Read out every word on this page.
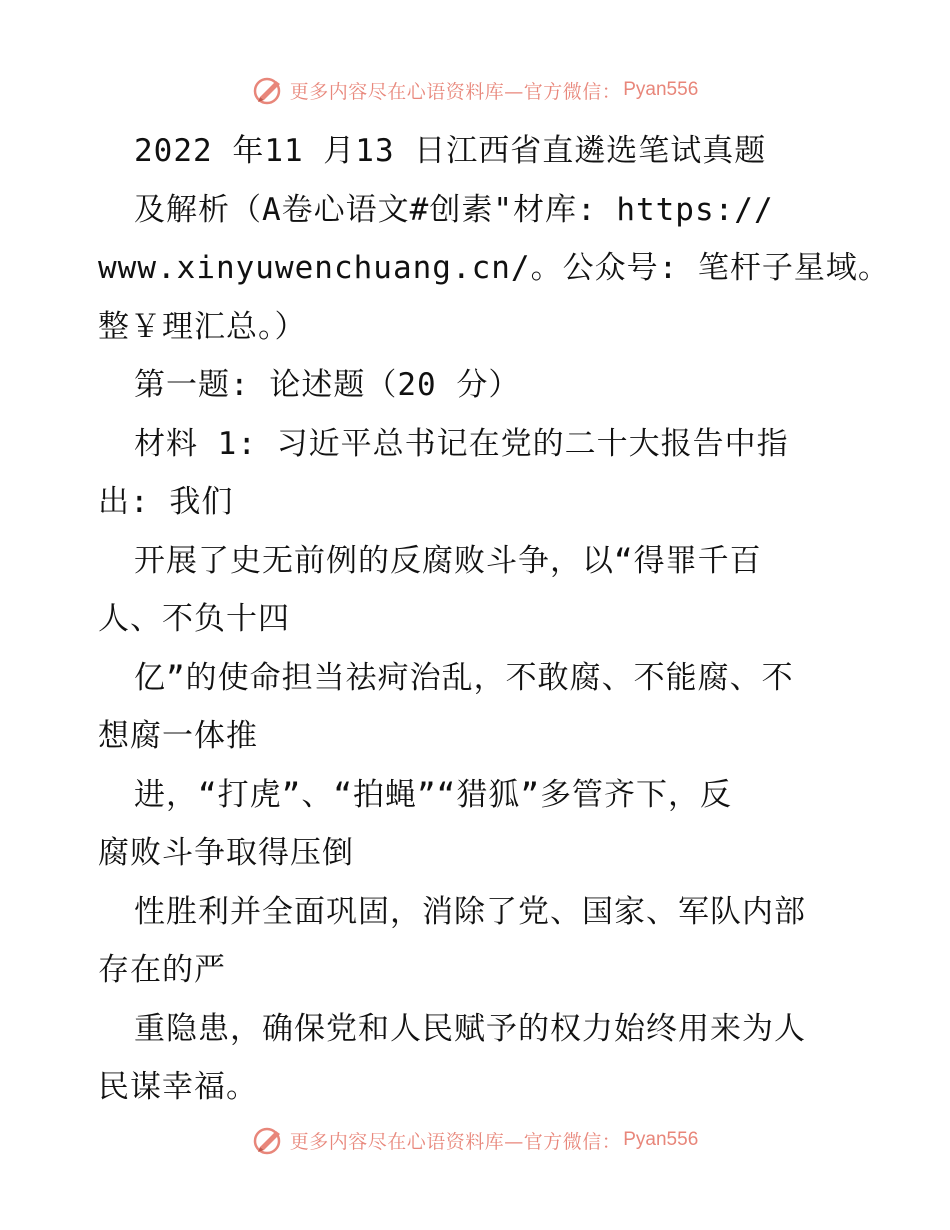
更多内容尽在心语资料库—官方微信： Pyan556
2022 年11 月13 日江西省直遴选笔试真题
及解析（A卷心语文#创素"材库: https://
www.xinyuwenchuang.cn/。公众号: 笔杆子星域。
整￥理汇总。）
第一题: 论述题（20 分）
材料 1: 习近平总书记在党的二十大报告中指
出: 我们
开展了史无前例的反腐败斗争，以“得罪千百
人、不负十四
亿”的使命担当祛疴治乱，不敢腐、不能腐、不
想腐一体推
进，“打虎”、“拍蝇”“猎狐”多管齐下，反
腐败斗争取得压倒
性胜利并全面巩固，消除了党、国家、军队内部
存在的严
重隐患，确保党和人民赋予的权力始终用来为人
民谋幸福。
更多内容尽在心语资料库—官方微信： Pyan556
